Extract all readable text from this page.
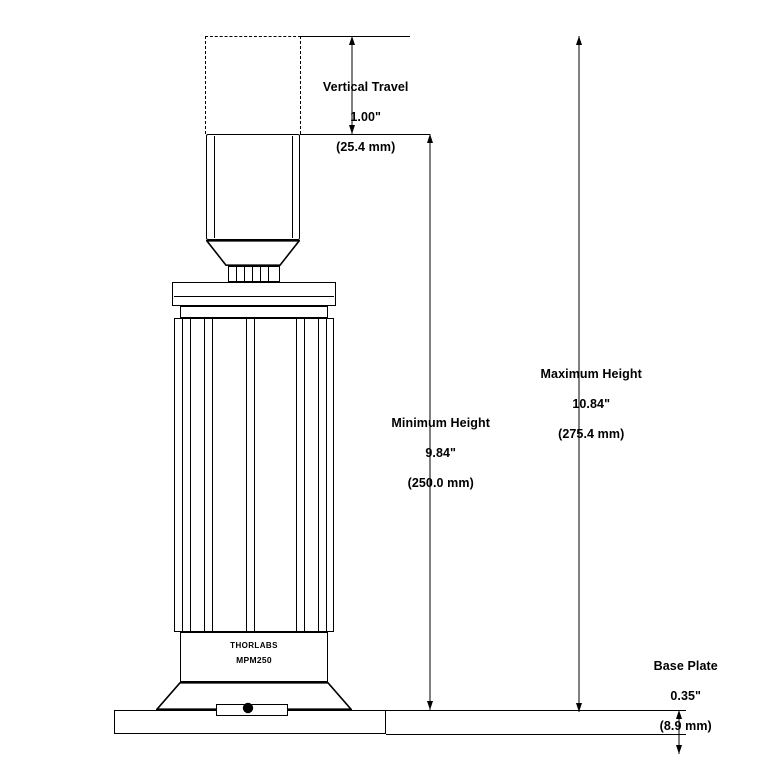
THORLABS
MPM250

Vertical Travel

1.00"

(25.4 mm)

Minimum Height

9.84"

(250.0 mm)

Maximum Height

10.84"

(275.4 mm)

Base Plate

0.35"

(8.9 mm)
